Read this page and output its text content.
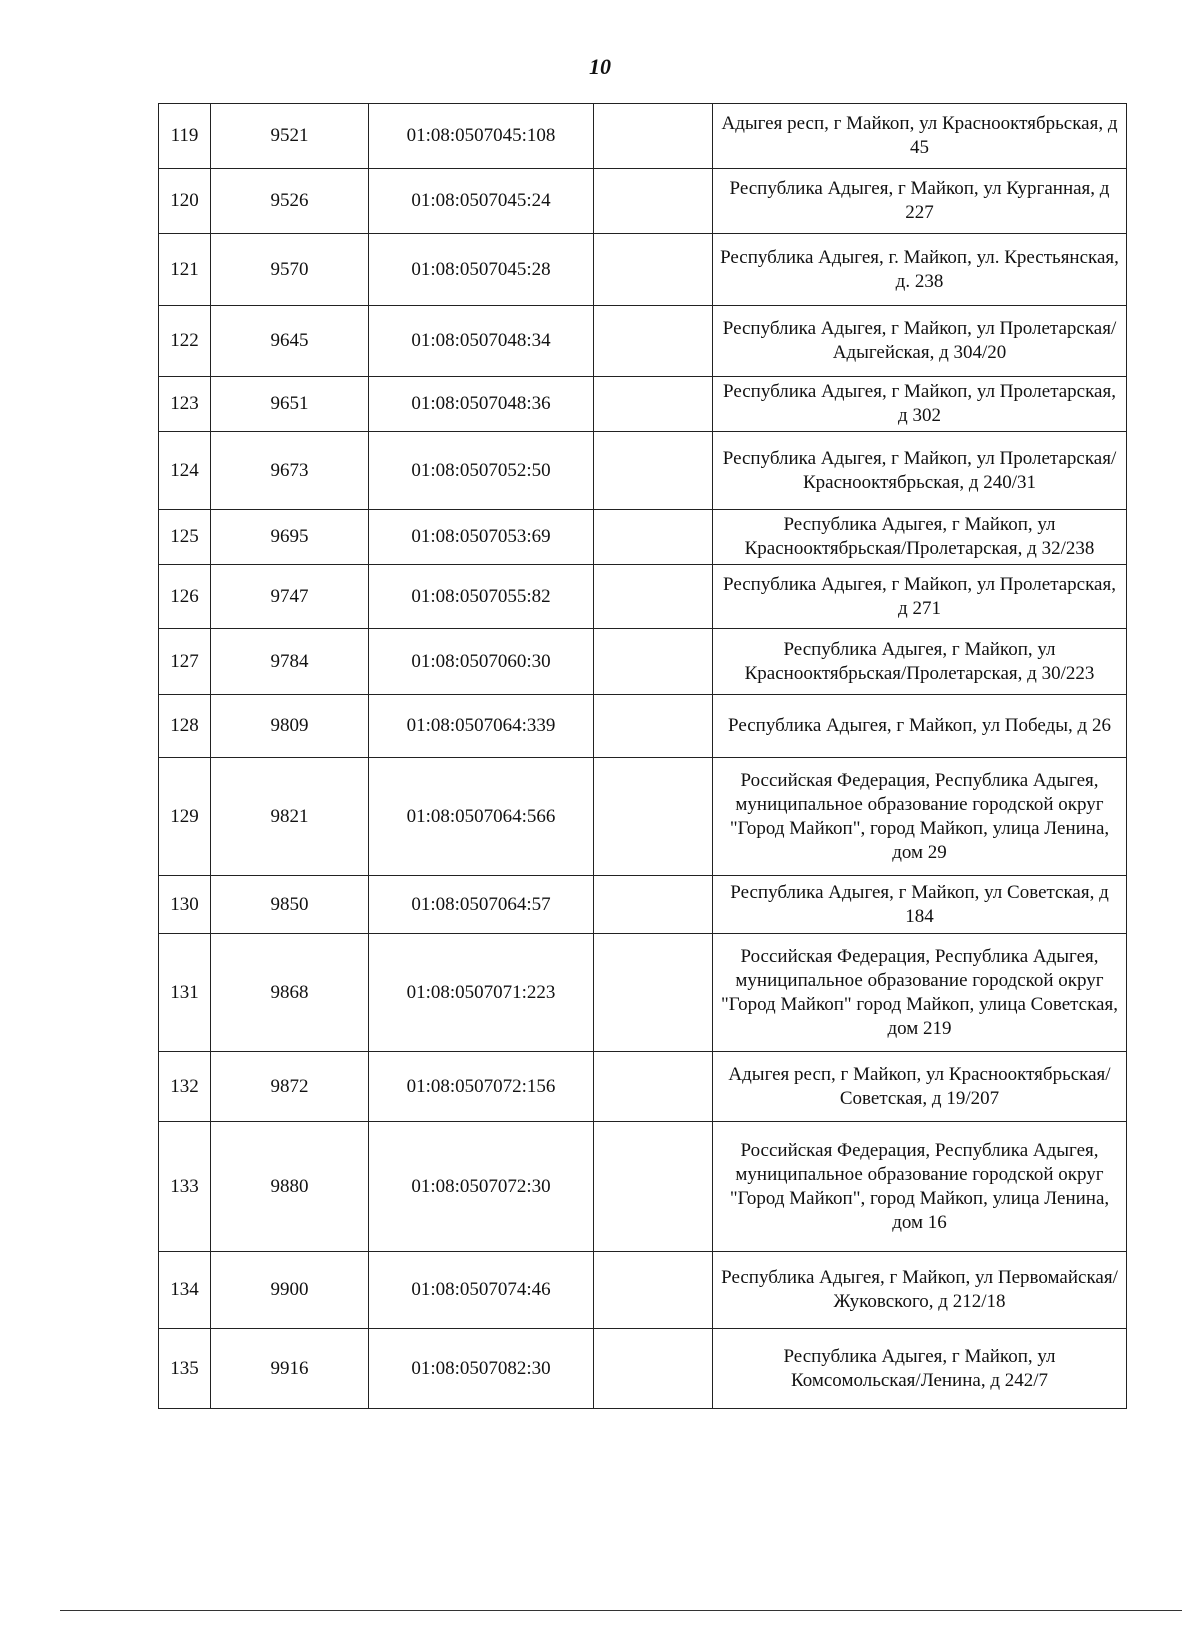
10
119	9521	01:08:0507045:108		Адыгея респ, г Майкоп, ул Краснооктябрьская, д 45
120	9526	01:08:0507045:24		Республика Адыгея, г Майкоп, ул Курганная, д 227
121	9570	01:08:0507045:28		Республика Адыгея, г. Майкоп, ул. Крестьянская, д. 238
122	9645	01:08:0507048:34		Республика Адыгея, г Майкоп, ул Пролетарская/Адыгейская, д 304/20
123	9651	01:08:0507048:36		Республика Адыгея, г Майкоп, ул Пролетарская, д 302
124	9673	01:08:0507052:50		Республика Адыгея, г Майкоп, ул Пролетарская/Краснооктябрьская, д 240/31
125	9695	01:08:0507053:69		Республика Адыгея, г Майкоп, ул Краснооктябрьская/Пролетарская, д 32/238
126	9747	01:08:0507055:82		Республика Адыгея, г Майкоп, ул Пролетарская, д 271
127	9784	01:08:0507060:30		Республика Адыгея, г Майкоп, ул Краснооктябрьская/Пролетарская, д 30/223
128	9809	01:08:0507064:339		Республика Адыгея, г Майкоп, ул Победы, д 26
129	9821	01:08:0507064:566		Российская Федерация, Республика Адыгея, муниципальное образование городской округ "Город Майкоп", город Майкоп, улица Ленина, дом 29
130	9850	01:08:0507064:57		Республика Адыгея, г Майкоп, ул Советская, д 184
131	9868	01:08:0507071:223		Российская Федерация, Республика Адыгея, муниципальное образование городской округ "Город Майкоп" город Майкоп, улица Советская, дом 219
132	9872	01:08:0507072:156		Адыгея респ, г Майкоп, ул Краснооктябрьская/Советская, д 19/207
133	9880	01:08:0507072:30		Российская Федерация, Республика Адыгея, муниципальное образование городской округ "Город Майкоп", город Майкоп, улица Ленина, дом 16
134	9900	01:08:0507074:46		Республика Адыгея, г Майкоп, ул Первомайская/Жуковского, д 212/18
135	9916	01:08:0507082:30		Республика Адыгея, г Майкоп, ул Комсомольская/Ленина, д 242/7
